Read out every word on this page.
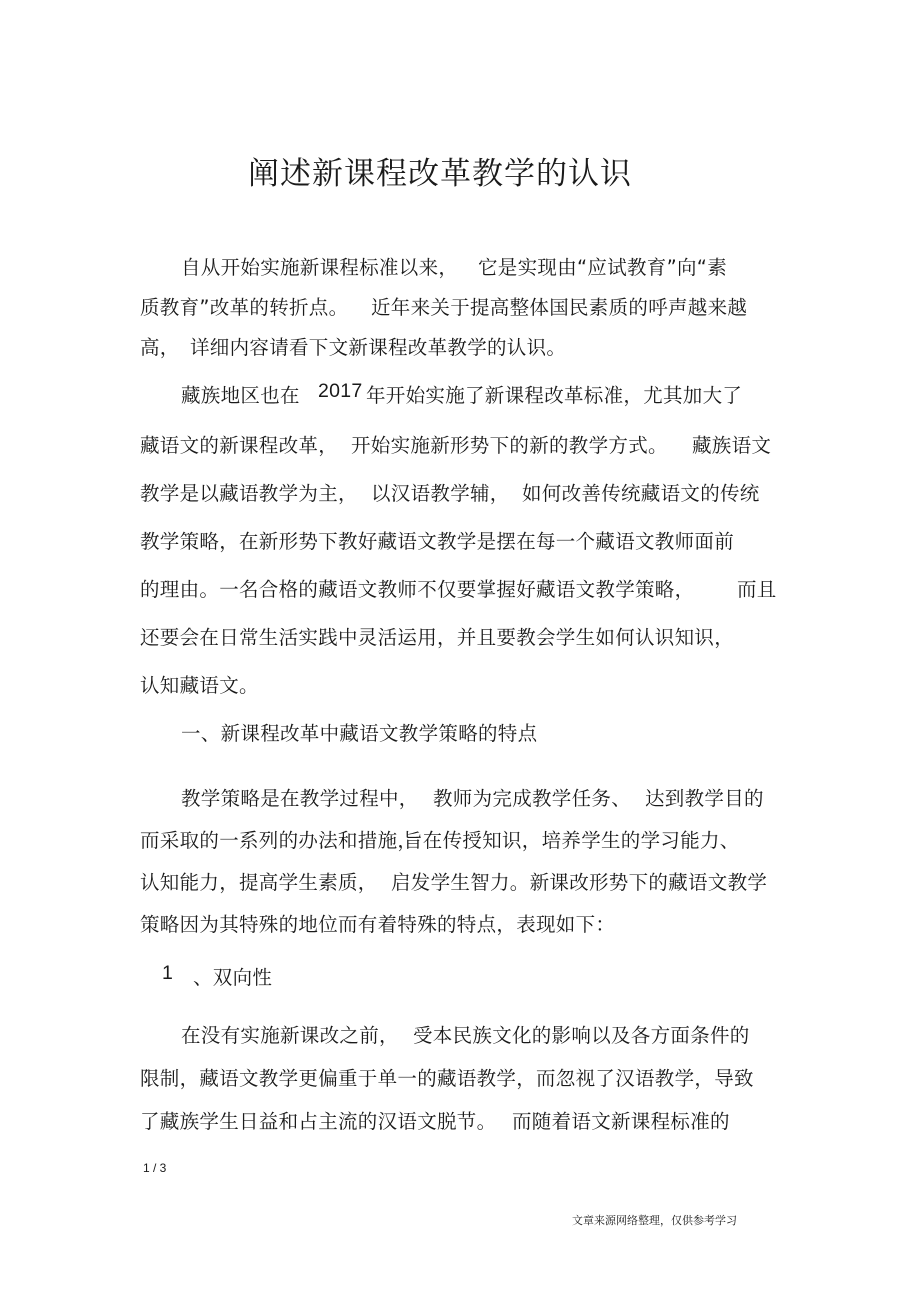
阐述新课程改革教学的认识
自从开始实施新课程标准以来， 它是实现由“应试教育”向“素
质教育”改革的转折点。 近年来关于提高整体国民素质的呼声越来越
高， 详细内容请看下文新课程改革教学的认识。
藏族地区也在 2017 年开始实施了新课程改革标准，尤其加大了
藏语文的新课程改革， 开始实施新形势下的新的教学方式。 藏族语文
教学是以藏语教学为主， 以汉语教学辅， 如何改善传统藏语文的传统
教学策略，在新形势下教好藏语文教学是摆在每一个藏语文教师面前
的理由。一名合格的藏语文教师不仅要掌握好藏语文教学策略， 而且
还要会在日常生活实践中灵活运用，并且要教会学生如何认识知识，
认知藏语文。
一、新课程改革中藏语文教学策略的特点
教学策略是在教学过程中， 教师为完成教学任务、 达到教学目的
而采取的一系列的办法和措施，
旨在传授知识，培养学生的学习能力、
认知能力，提高学生素质， 启发学生智力。新课改形势下的藏语文教学
策略因为其特殊的地位而有着特殊的特点，表现如下：
1 、双向性
在没有实施新课改之前， 受本民族文化的影响以及各方面条件的
限制，藏语文教学更偏重于单一的藏语教学，而忽视了汉语教学，导致
了藏族学生日益和占主流的汉语文脱节。 而随着语文新课程标准的
1 / 3
文章来源网络整理，仅供参考学习
